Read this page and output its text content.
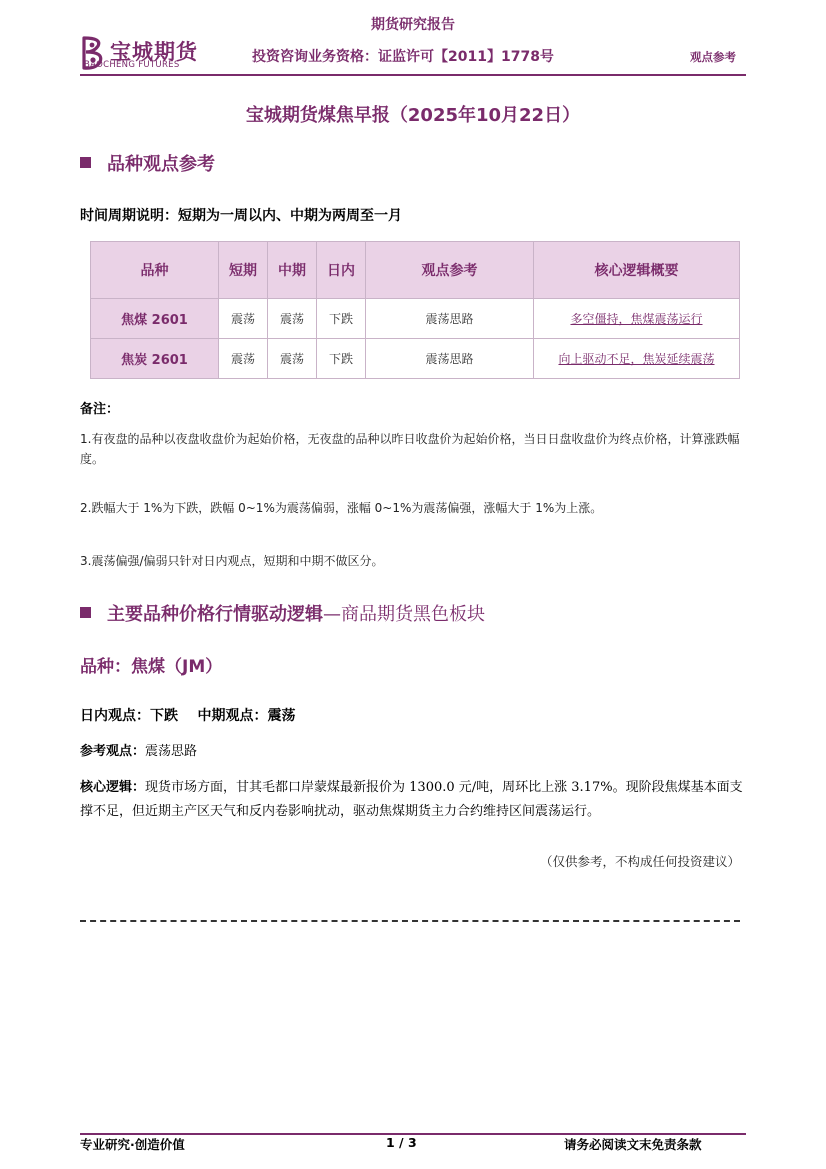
期货研究报告
宝城期货
BAOCHENG FUTURES	投资咨询业务资格：证监许可【2011】1778号	观点参考
宝城期货煤焦早报（2025年10月22日）
品种观点参考
时间周期说明：短期为一周以内、中期为两周至一月
品种	短期	中期	日内	观点参考	核心逻辑概要
焦煤 2601	震荡	震荡	下跌	震荡思路	多空僵持，焦煤震荡运行
焦炭 2601	震荡	震荡	下跌	震荡思路	向上驱动不足，焦炭延续震荡
备注：
1.有夜盘的品种以夜盘收盘价为起始价格，无夜盘的品种以昨日收盘价为起始价格，当日日盘收盘价为终点价格，计算涨跌幅度。
2.跌幅大于 1%为下跌，跌幅 0~1%为震荡偏弱，涨幅 0~1%为震荡偏强，涨幅大于 1%为上涨。
3.震荡偏强/偏弱只针对日内观点，短期和中期不做区分。
主要品种价格行情驱动逻辑—商品期货黑色板块
品种：焦煤（JM）
日内观点：下跌    中期观点：震荡
参考观点：震荡思路
核心逻辑：现货市场方面，甘其毛都口岸蒙煤最新报价为 1300.0 元/吨，周环比上涨 3.17%。现阶段焦煤基本面支撑不足，但近期主产区天气和反内卷影响扰动，驱动焦煤期货主力合约维持区间震荡运行。
（仅供参考，不构成任何投资建议）
专业研究·创造价值	1 / 3	请务必阅读文末免责条款
